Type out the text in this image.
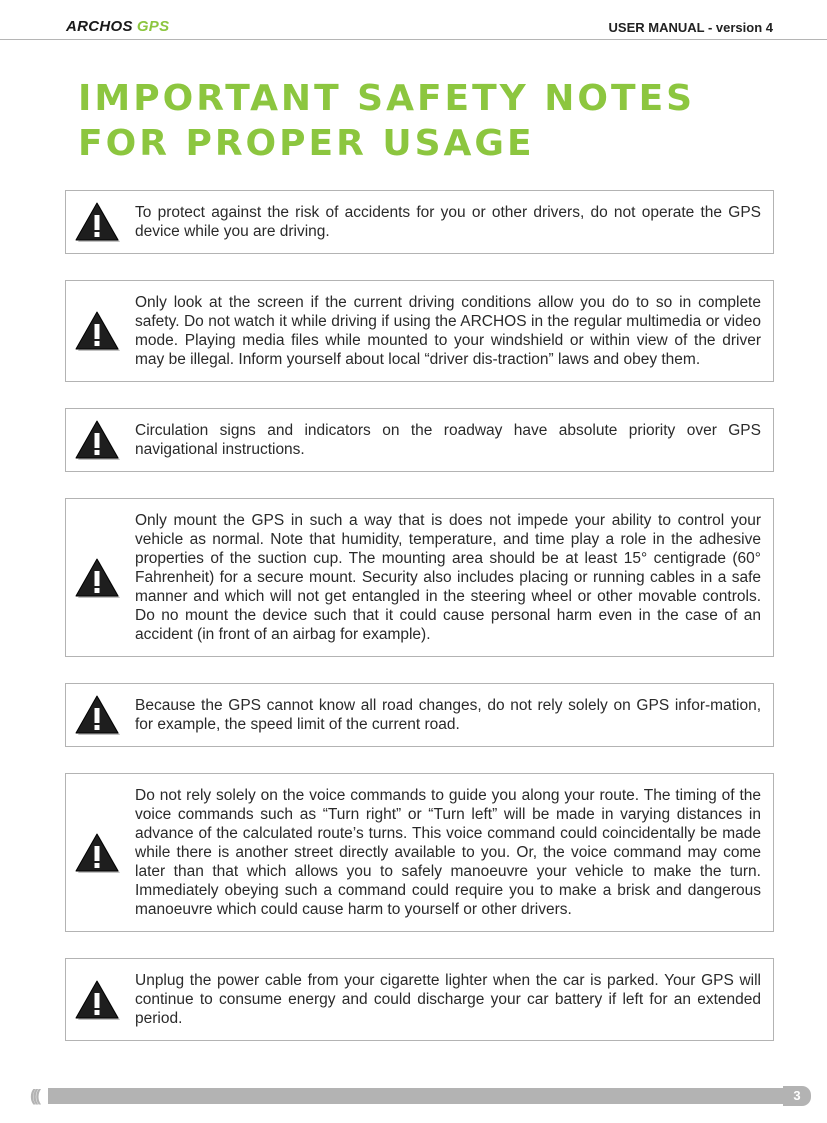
ARCHOS GPS	USER MANUAL - version 4
IMPORTANT SAFETY NOTES
FOR PROPER USAGE
To protect against the risk of accidents for you or other drivers, do not operate the GPS device while you are driving.
Only look at the screen if the current driving conditions allow you do to so in complete safety. Do not watch it while driving if using the ARCHOS in the regular multimedia or video mode. Playing media files while mounted to your windshield or within view of the driver may be illegal. Inform yourself about local “driver dis-traction” laws and obey them.
Circulation signs and indicators on the roadway have absolute priority over GPS navigational instructions.
Only mount the GPS in such a way that is does not impede your ability to control your vehicle as normal. Note that humidity, temperature, and time play a role in the adhesive properties of the suction cup. The mounting area should be at least 15° centigrade (60° Fahrenheit) for a secure mount. Security also includes placing or running cables in a safe manner and which will not get entangled in the steering wheel or other movable controls. Do no mount the device such that it could cause personal harm even in the case of an accident (in front of an airbag for example).
Because the GPS cannot know all road changes, do not rely solely on GPS infor-mation, for example, the speed limit of the current road.
Do not rely solely on the voice commands to guide you along your route. The timing of the voice commands such as “Turn right” or “Turn left” will be made in varying distances in advance of the calculated route’s turns. This voice command could coincidentally be made while there is another street directly available to you. Or, the voice command may come later than that which allows you to safely manoeuvre your vehicle to make the turn. Immediately obeying such a command could require you to make a brisk and dangerous manoeuvre which could cause harm to yourself or other drivers.
Unplug the power cable from your cigarette lighter when the car is parked. Your GPS will continue to consume energy and could discharge your car battery if left for an extended period.
(((	3
